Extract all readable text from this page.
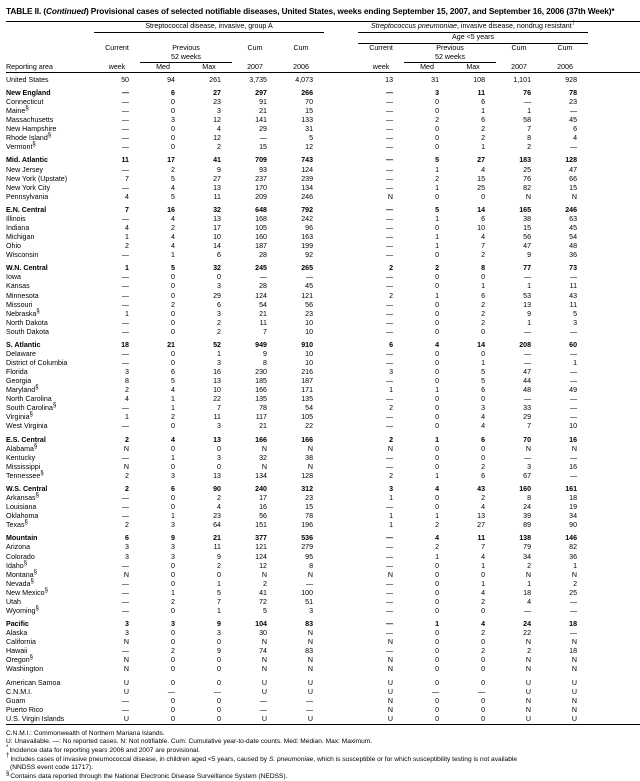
TABLE II. (Continued) Provisional cases of selected notifiable diseases, United States, weeks ending September 15, 2007, and September 16, 2006 (37th Week)*
	Streptococcal disease, invasive, group A						Streptococcus pneumoniae, invasive disease, nondrug resistant†	
							Age <5 years					
	Current	Previous		Cum	Cum		Current	Previous		Cum	Cum	
		52 weeks						52 weeks				
Reporting area	week	Med	Max	2007	2006		week	Med	Max	2007	2006	

United States	50	94	261	3,735	4,073		13	31	108	1,101	928	

New England	—	6	27	297	266		—	3	11	76	78	
Connecticut	—	0	23	91	70		—	0	6	—	23	
Maine§	—	0	3	21	15		—	0	1	1	—	
Massachusetts	—	3	12	141	133		—	2	6	58	45	
New Hampshire	—	0	4	29	31		—	0	2	7	6	
Rhode Island§	—	0	12	—	5		—	0	2	8	4	
Vermont§	—	0	2	15	12		—	0	1	2	—	

Mid. Atlantic	11	17	41	709	743		—	5	27	183	128	
New Jersey	—	2	9	93	124		—	1	4	25	47	
New York (Upstate)	7	5	27	237	239		—	2	15	76	66	
New York City	—	4	13	170	134		—	1	25	82	15	
Pennsylvania	4	5	11	209	246		N	0	0	N	N	

E.N. Central	7	16	32	648	792		—	5	14	165	246	
Illinois	—	4	13	168	242		—	1	6	38	63	
Indiana	4	2	17	105	96		—	0	10	15	45	
Michigan	1	4	10	160	163		—	1	4	56	54	
Ohio	2	4	14	187	199		—	1	7	47	48	
Wisconsin	—	1	6	28	92		—	0	2	9	36	

W.N. Central	1	5	32	245	265		2	2	8	77	73	
Iowa	—	0	0	—	—		—	0	0	—	—	
Kansas	—	0	3	28	45		—	0	1	1	11	
Minnesota	—	0	29	124	121		2	1	6	53	43	
Missouri	—	2	6	54	56		—	0	2	13	11	
Nebraska§	1	0	3	21	23		—	0	2	9	5	
North Dakota	—	0	2	11	10		—	0	2	1	3	
South Dakota	—	0	2	7	10		—	0	0	—	—	

S. Atlantic	18	21	52	949	910		6	4	14	208	60	
Delaware	—	0	1	9	10		—	0	0	—	—	
District of Columbia	—	0	3	8	10		—	0	1	—	1	
Florida	3	6	16	230	216		3	0	5	47	—	
Georgia	8	5	13	185	187		—	0	5	44	—	
Maryland§	2	4	10	166	171		1	1	6	48	49	
North Carolina	4	1	22	135	135		—	0	0	—	—	
South Carolina§	—	1	7	78	54		2	0	3	33	—	
Virginia§	1	2	11	117	105		—	0	4	29	—	
West Virginia	—	0	3	21	22		—	0	4	7	10	

E.S. Central	2	4	13	166	166		2	1	6	70	16	
Alabama§	N	0	0	N	N		N	0	0	N	N	
Kentucky	—	1	3	32	38		—	0	0	—	—	
Mississippi	N	0	0	N	N		—	0	2	3	16	
Tennessee§	2	3	13	134	128		2	1	6	67	—	

W.S. Central	2	6	90	240	312		3	4	43	160	161	
Arkansas§	—	0	2	17	23		1	0	2	8	18	
Louisiana	—	0	4	16	15		—	0	4	24	19	
Oklahoma	—	1	23	56	78		1	1	13	39	34	
Texas§	2	3	64	151	196		1	2	27	89	90	

Mountain	6	9	21	377	536		—	4	11	138	146	
Arizona	3	3	11	121	279		—	2	7	79	82	
Colorado	3	3	9	124	95		—	1	4	34	36	
Idaho§	—	0	2	12	8		—	0	1	2	1	
Montana§	N	0	0	N	N		N	0	0	N	N	
Nevada§	—	0	1	2	—		—	0	1	1	2	
New Mexico§	—	1	5	41	100		—	0	4	18	25	
Utah	—	2	7	72	51		—	0	2	4	—	
Wyoming§	—	0	1	5	3		—	0	0	—	—	

Pacific	3	3	9	104	83		—	1	4	24	18	
Alaska	3	0	3	30	N		—	0	2	22	—	
California	N	0	0	N	N		N	0	0	N	N	
Hawaii	—	2	9	74	83		—	0	2	2	18	
Oregon§	N	0	0	N	N		N	0	0	N	N	
Washington	N	0	0	N	N		N	0	0	N	N	

American Samoa	U	0	0	U	U		U	0	0	U	U	
C.N.M.I.	U	—	—	U	U		U	—	—	U	U	
Guam	—	0	0	—	—		N	0	0	N	N	
Puerto Rico	—	0	0	—	—		N	0	0	N	N	
U.S. Virgin Islands	U	0	0	U	U		U	0	0	U	U	

C.N.M.I.: Commonwealth of Northern Mariana Islands.
U: Unavailable. —: No reported cases. N: Not notifiable. Cum: Cumulative year-to-date counts. Med: Median. Max: Maximum.
*Incidence data for reporting years 2006 and 2007 are provisional.
†Includes cases of invasive pneumococcal disease, in children aged <5 years, caused by S. pneumoniae, which is susceptible or for which susceptibility testing is not available
(NNDSS event code 11717).
§Contains data reported through the National Electronic Disease Surveillance System (NEDSS).
